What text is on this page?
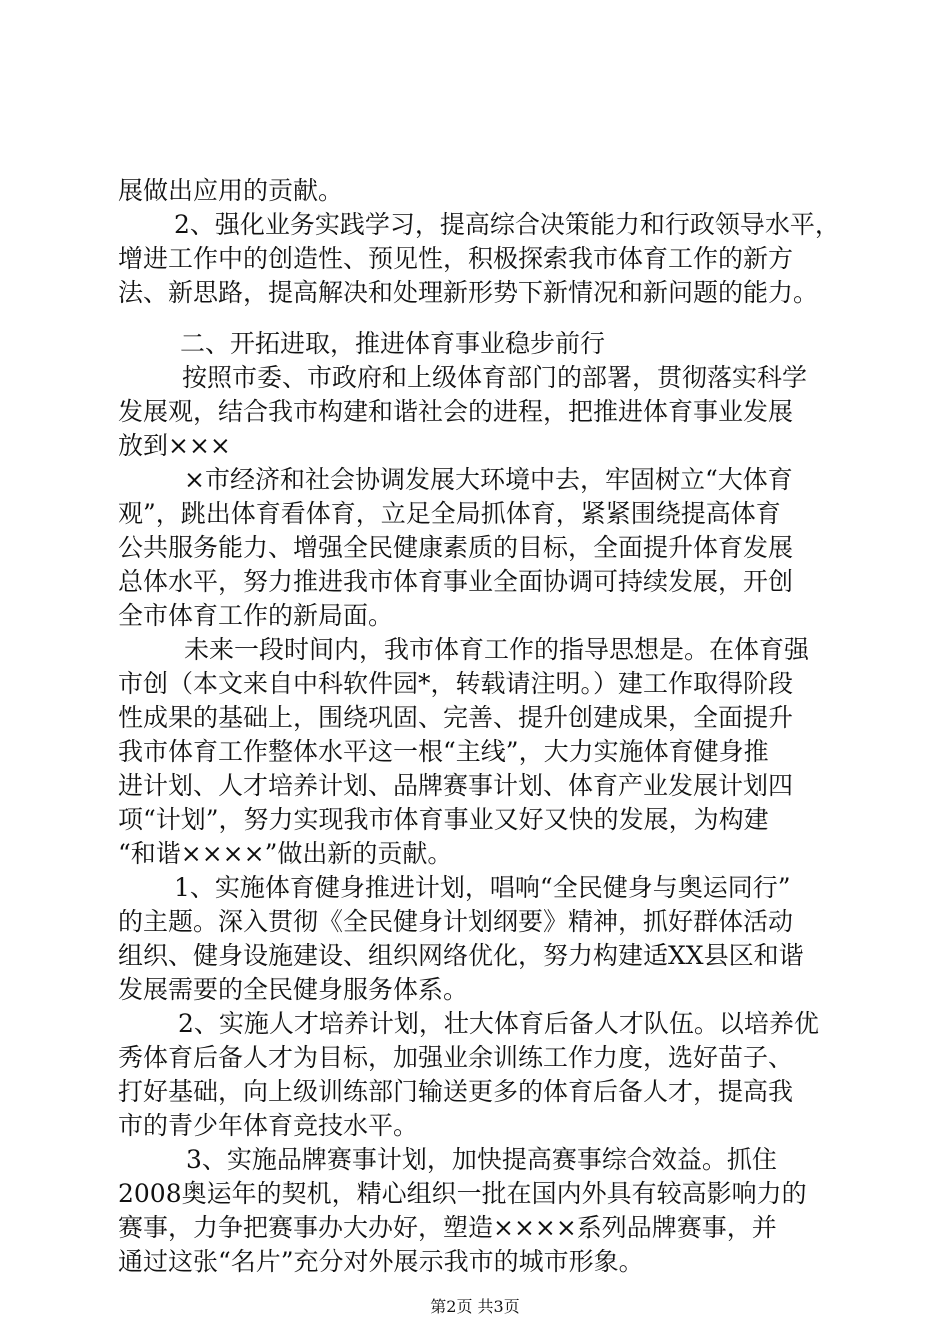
展做出应用的贡献。
2、强化业务实践学习，提高综合决策能力和行政领导水平，
增进工作中的创造性、预见性，积极探索我市体育工作的新方
法、新思路，提高解决和处理新形势下新情况和新问题的能力。
二、开拓进取，推进体育事业稳步前行
按照市委、市政府和上级体育部门的部署，贯彻落实科学
发展观，结合我市构建和谐社会的进程，把推进体育事业发展
放到×××
×市经济和社会协调发展大环境中去，牢固树立“大体育
观”，跳出体育看体育，立足全局抓体育，紧紧围绕提高体育
公共服务能力、增强全民健康素质的目标，全面提升体育发展
总体水平，努力推进我市体育事业全面协调可持续发展，开创
全市体育工作的新局面。
未来一段时间内，我市体育工作的指导思想是。在体育强
市创（本文来自中科软件园*，转载请注明。）建工作取得阶段
性成果的基础上，围绕巩固、完善、提升创建成果，全面提升
我市体育工作整体水平这一根“主线”，大力实施体育健身推
进计划、人才培养计划、品牌赛事计划、体育产业发展计划四
项“计划”，努力实现我市体育事业又好又快的发展，为构建
“和谐××××”做出新的贡献。
1、实施体育健身推进计划，唱响“全民健身与奥运同行”
的主题。深入贯彻《全民健身计划纲要》精神，抓好群体活动
组织、健身设施建设、组织网络优化，努力构建适XX县区和谐
发展需要的全民健身服务体系。
2、实施人才培养计划，壮大体育后备人才队伍。以培养优
秀体育后备人才为目标，加强业余训练工作力度，选好苗子、
打好基础，向上级训练部门输送更多的体育后备人才，提高我
市的青少年体育竞技水平。
3、实施品牌赛事计划，加快提高赛事综合效益。抓住
2008奥运年的契机，精心组织一批在国内外具有较高影响力的
赛事，力争把赛事办大办好，塑造××××系列品牌赛事，并
通过这张“名片”充分对外展示我市的城市形象。
第2页 共3页
